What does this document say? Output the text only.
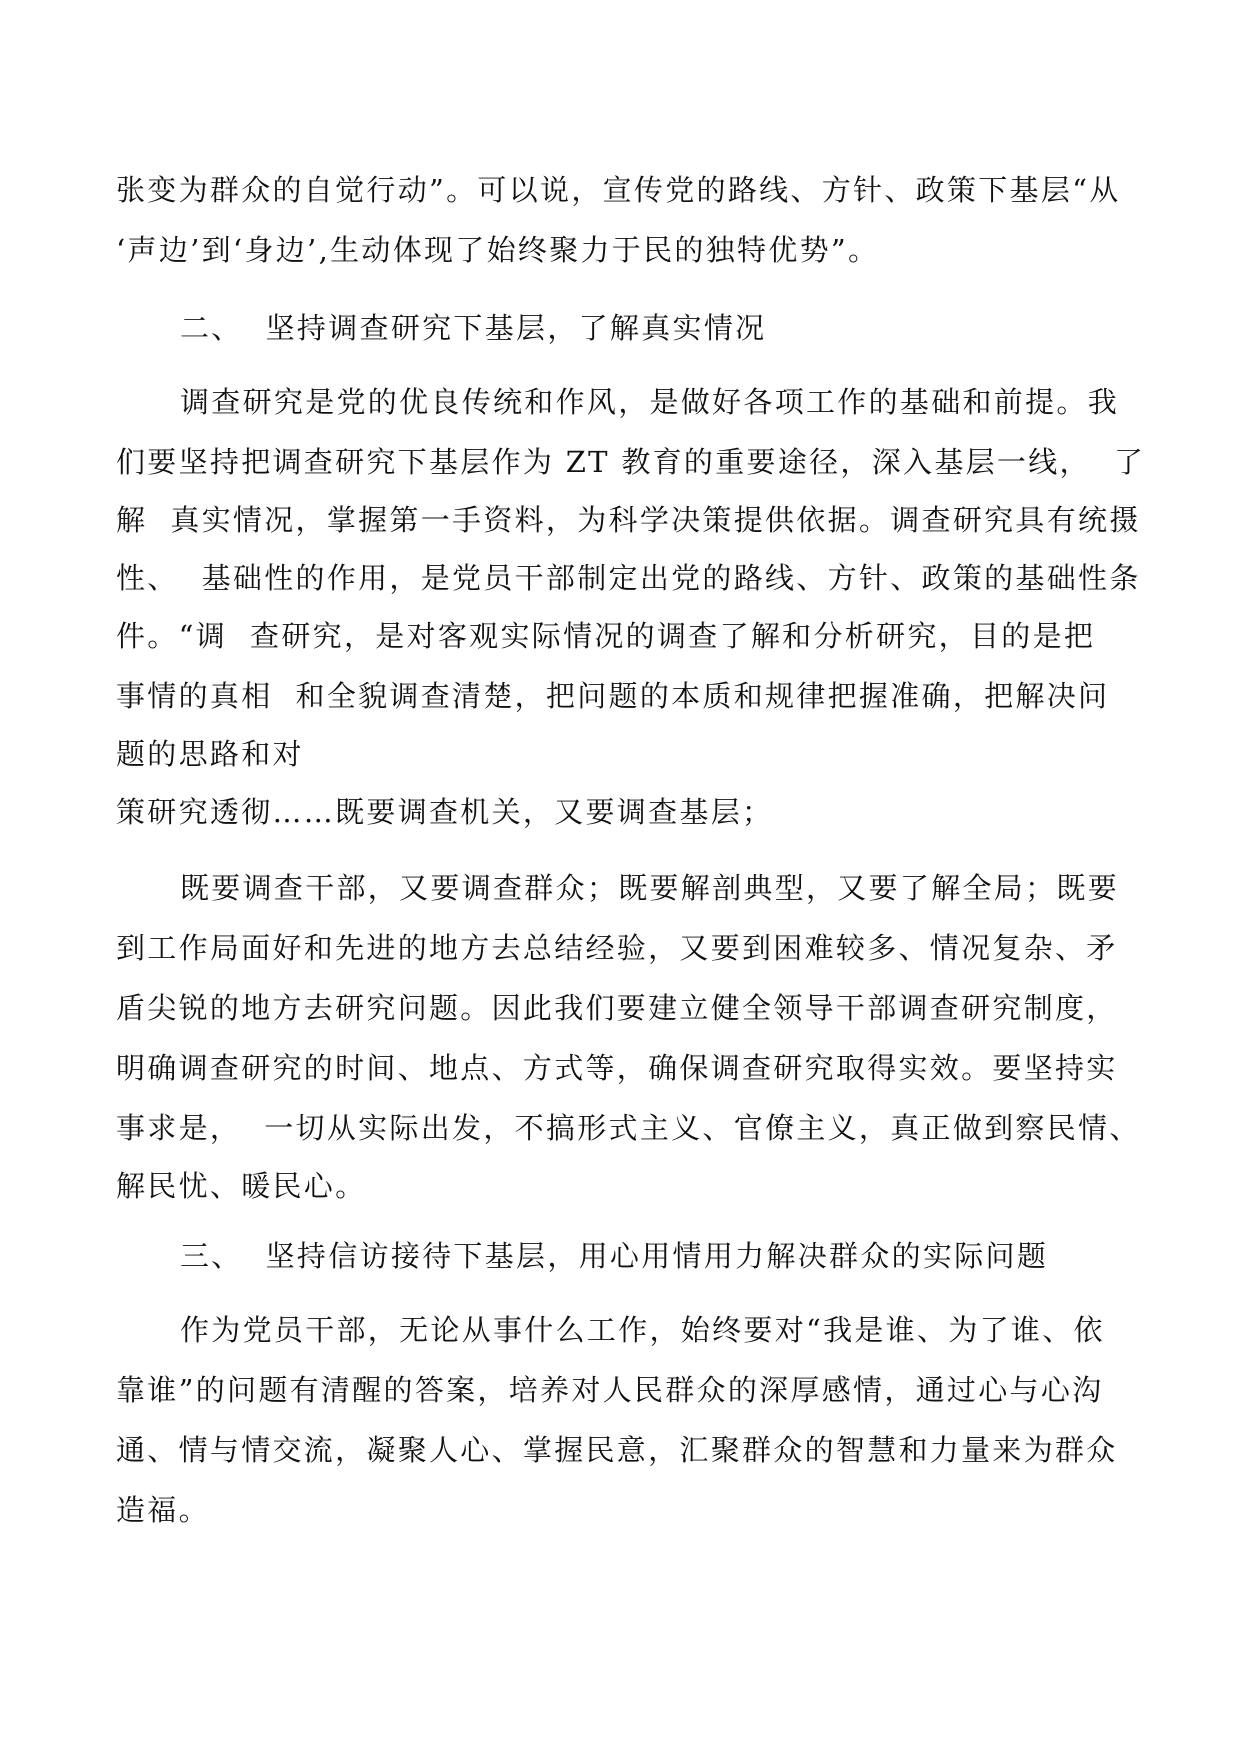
张变为群众的自觉行动”。可以说，宣传党的路线、方针、政策下基层“从
‘声边’到‘身边’,生动体现了始终聚力于民的独特优势”。
二、  坚持调查研究下基层，了解真实情况
调查研究是党的优良传统和作风，是做好各项工作的基础和前提。我
们要坚持把调查研究下基层作为 ZT 教育的重要途径，深入基层一线，  了
解  真实情况，掌握第一手资料，为科学决策提供依据。调查研究具有统摄
性、  基础性的作用，是党员干部制定出党的路线、方针、政策的基础性条
件。“调  查研究，是对客观实际情况的调查了解和分析研究，目的是把
事情的真相  和全貌调查清楚，把问题的本质和规律把握准确，把解决问
题的思路和对
策研究透彻……既要调查机关，又要调查基层；
既要调查干部，又要调查群众；既要解剖典型，又要了解全局；既要
到工作局面好和先进的地方去总结经验，又要到困难较多、情况复杂、矛
盾尖锐的地方去研究问题。因此我们要建立健全领导干部调查研究制度，
明确调查研究的时间、地点、方式等，确保调查研究取得实效。要坚持实
事求是，  一切从实际出发，不搞形式主义、官僚主义，真正做到察民情、
解民忧、暖民心。
三、  坚持信访接待下基层，用心用情用力解决群众的实际问题
作为党员干部，无论从事什么工作，始终要对“我是谁、为了谁、依
靠谁”的问题有清醒的答案，培养对人民群众的深厚感情，通过心与心沟
通、情与情交流，凝聚人心、掌握民意，汇聚群众的智慧和力量来为群众
造福。
